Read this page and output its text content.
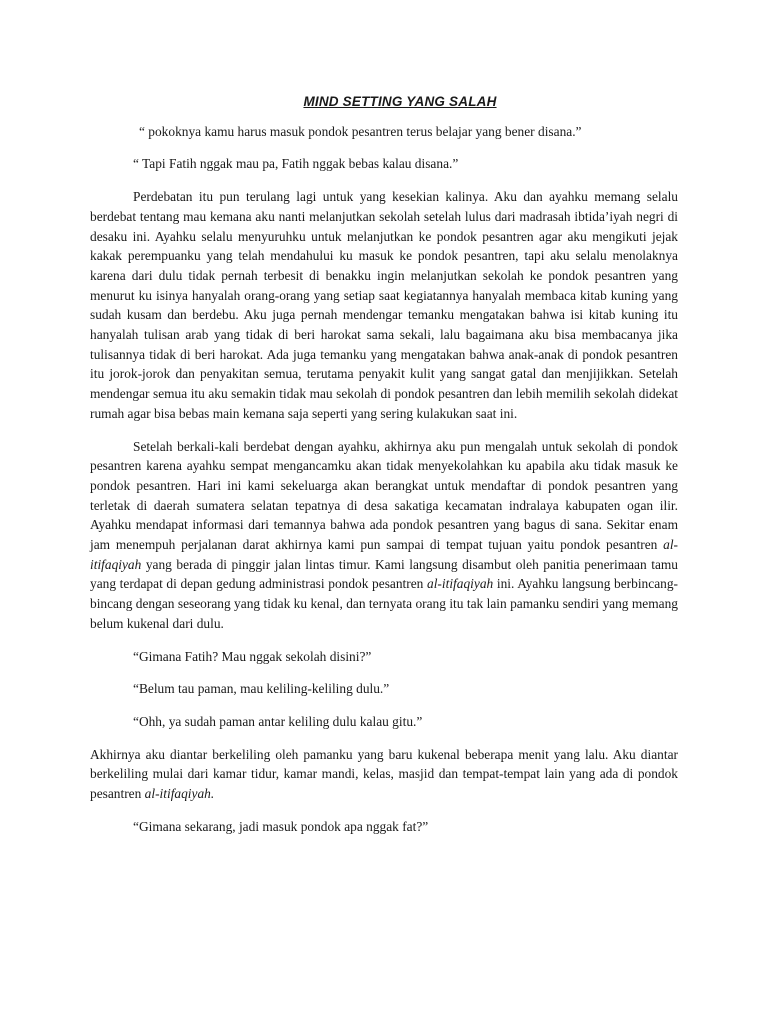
MIND SETTING YANG SALAH

“ pokoknya kamu harus masuk pondok pesantren terus belajar yang bener disana.”

“ Tapi Fatih nggak mau pa, Fatih nggak bebas kalau disana.”

Perdebatan itu pun terulang lagi untuk yang kesekian kalinya. Aku dan ayahku memang selalu berdebat tentang mau kemana aku nanti melanjutkan sekolah setelah lulus dari madrasah ibtida’iyah negri di desaku ini. Ayahku selalu menyuruhku untuk melanjutkan ke pondok pesantren agar aku mengikuti jejak kakak perempuanku yang telah mendahului ku masuk ke pondok pesantren, tapi aku selalu menolaknya karena dari dulu tidak pernah terbesit di benakku ingin melanjutkan sekolah ke pondok pesantren yang menurut ku isinya hanyalah orang-orang yang setiap saat kegiatannya hanyalah membaca kitab kuning yang sudah kusam dan berdebu. Aku juga pernah mendengar temanku mengatakan bahwa isi kitab kuning itu hanyalah tulisan arab yang tidak di beri harokat sama sekali, lalu bagaimana aku bisa membacanya jika tulisannya tidak di beri harokat. Ada juga temanku yang mengatakan bahwa anak-anak di pondok pesantren itu jorok-jorok dan penyakitan semua, terutama penyakit kulit yang sangat gatal dan menjijikkan. Setelah mendengar semua itu aku semakin tidak mau sekolah di pondok pesantren dan lebih memilih sekolah didekat rumah agar bisa bebas main kemana saja seperti yang sering kulakukan saat ini.

Setelah berkali-kali berdebat dengan ayahku, akhirnya aku pun mengalah untuk sekolah di pondok pesantren karena ayahku sempat mengancamku akan tidak menyekolahkan ku apabila aku tidak masuk ke pondok pesantren. Hari ini kami sekeluarga akan berangkat untuk mendaftar di pondok pesantren yang terletak di daerah sumatera selatan tepatnya di desa sakatiga kecamatan indralaya kabupaten ogan ilir. Ayahku mendapat informasi dari temannya bahwa ada pondok pesantren yang bagus di sana. Sekitar enam jam menempuh perjalanan darat akhirnya kami pun sampai di tempat tujuan yaitu pondok pesantren al-itifaqiyah yang berada di pinggir jalan lintas timur. Kami langsung disambut oleh panitia penerimaan tamu yang terdapat di depan gedung administrasi pondok pesantren al-itifaqiyah ini. Ayahku langsung berbincang-bincang dengan seseorang yang tidak ku kenal, dan ternyata orang itu tak lain pamanku sendiri yang memang belum kukenal dari dulu.

“Gimana Fatih? Mau nggak sekolah disini?”

“Belum tau paman, mau keliling-keliling dulu.”

“Ohh, ya sudah paman antar keliling dulu kalau gitu.”

Akhirnya aku diantar berkeliling oleh pamanku yang baru kukenal beberapa menit yang lalu. Aku diantar berkeliling mulai dari kamar tidur, kamar mandi, kelas, masjid dan tempat-tempat lain yang ada di pondok pesantren al-itifaqiyah.

“Gimana sekarang, jadi masuk pondok apa nggak fat?”
